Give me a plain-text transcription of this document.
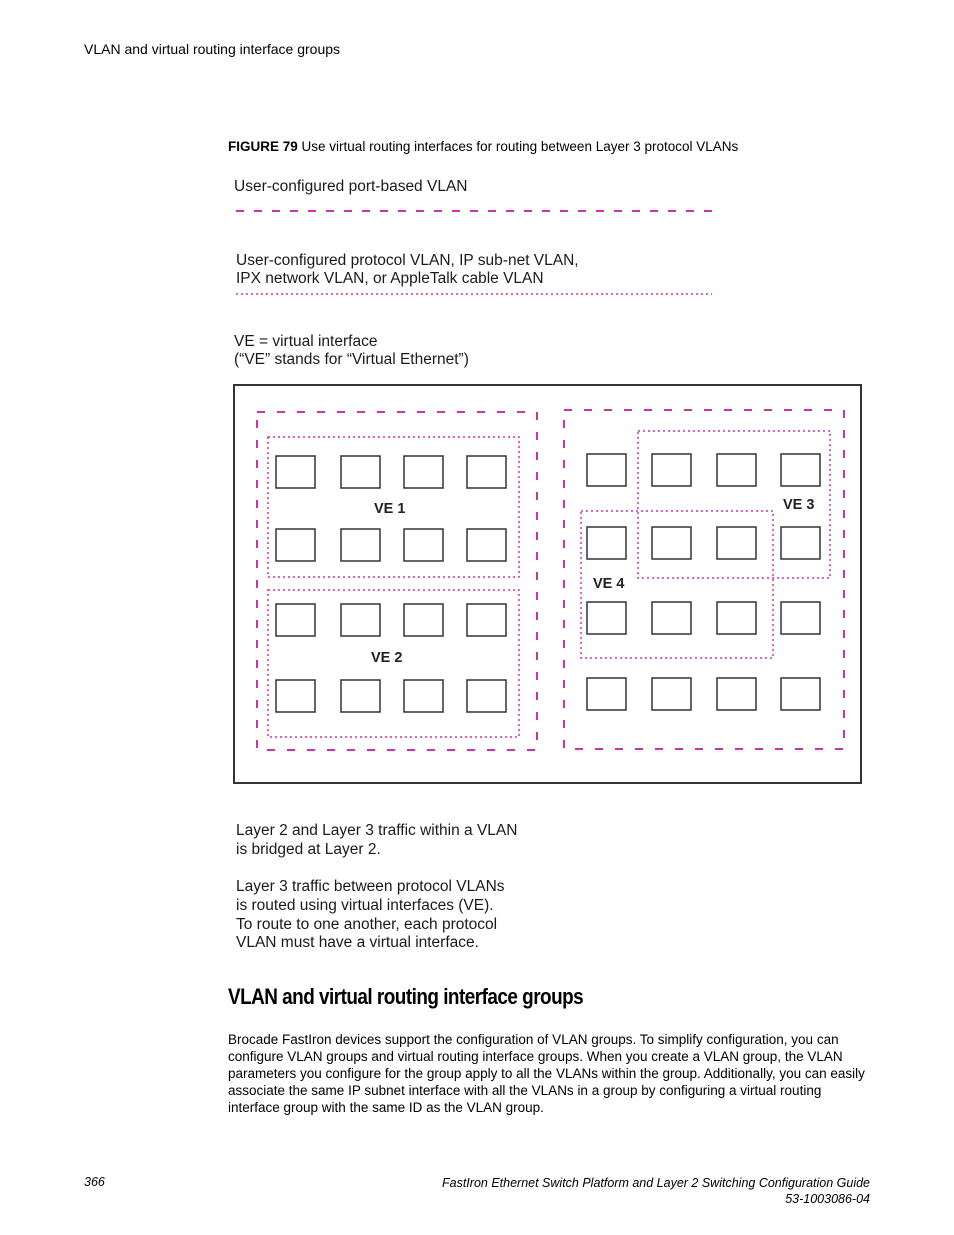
VLAN and virtual routing interface groups
FIGURE 79 Use virtual routing interfaces for routing between Layer 3 protocol VLANs
User-configured port-based VLAN
User-configured protocol VLAN, IP sub-net VLAN,
IPX network VLAN, or AppleTalk cable VLAN
VE = virtual interface
(“VE” stands for “Virtual Ethernet”)
VE 1
VE 2
VE 3
VE 4
Layer 2 and Layer 3 traffic within a VLAN
is bridged at Layer 2.
Layer 3 traffic between protocol VLANs
is routed using virtual interfaces (VE).
To route to one another, each protocol
VLAN must have a virtual interface.
VLAN and virtual routing interface groups
Brocade FastIron devices support the configuration of VLAN groups. To simplify configuration, you can configure VLAN groups and virtual routing interface groups. When you create a VLAN group, the VLAN parameters you configure for the group apply to all the VLANs within the group. Additionally, you can easily associate the same IP subnet interface with all the VLANs in a group by configuring a virtual routing interface group with the same ID as the VLAN group.
366	FastIron Ethernet Switch Platform and Layer 2 Switching Configuration Guide
53-1003086-04
